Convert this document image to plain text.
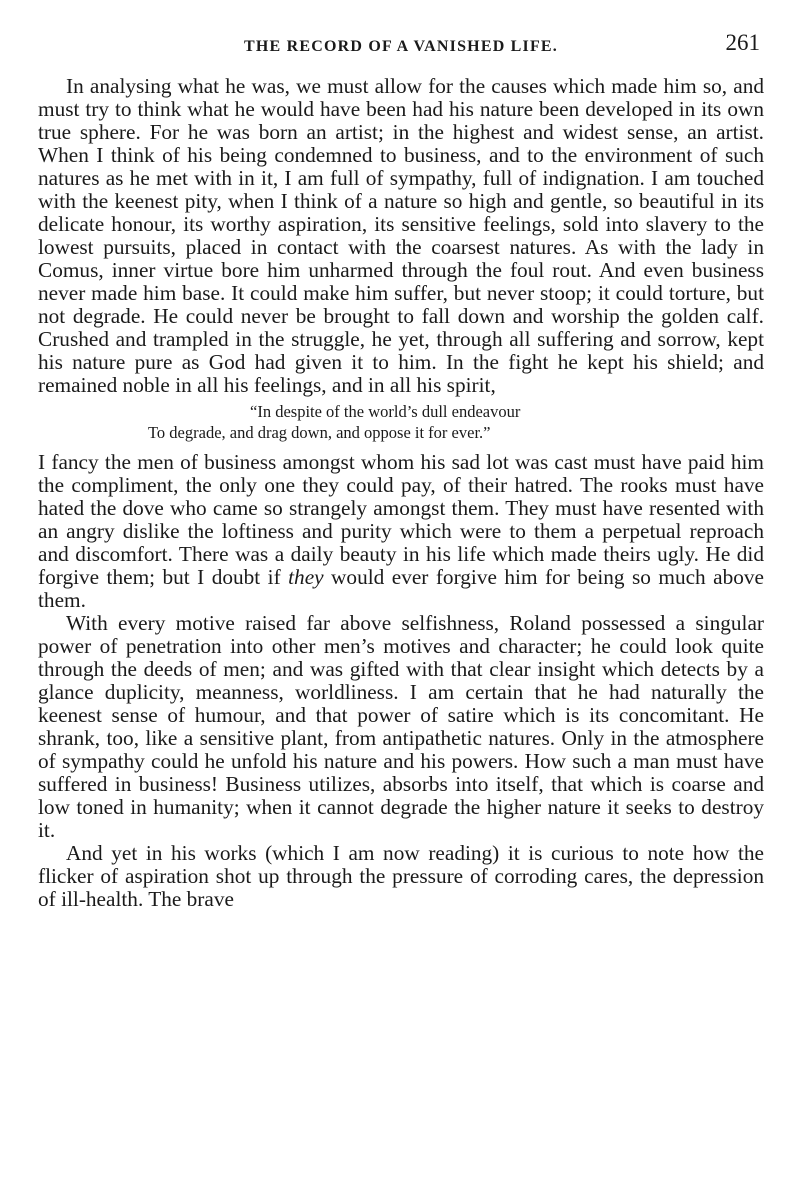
THE RECORD OF A VANISHED LIFE.	261

In analysing what he was, we must allow for the causes which made him so, and must try to think what he would have been had his nature been developed in its own true sphere. For he was born an artist; in the highest and widest sense, an artist. When I think of his being condemned to business, and to the environment of such natures as he met with in it, I am full of sympathy, full of indignation. I am touched with the keenest pity, when I think of a nature so high and gentle, so beautiful in its delicate honour, its worthy aspiration, its sensitive feelings, sold into slavery to the lowest pursuits, placed in contact with the coarsest natures. As with the lady in Comus, inner virtue bore him unharmed through the foul rout. And even business never made him base. It could make him suffer, but never stoop; it could torture, but not degrade. He could never be brought to fall down and worship the golden calf. Crushed and trampled in the struggle, he yet, through all suffering and sorrow, kept his nature pure as God had given it to him. In the fight he kept his shield; and remained noble in all his feelings, and in all his spirit,

“In despite of the world’s dull endeavour
To degrade, and drag down, and oppose it for ever.”

I fancy the men of business amongst whom his sad lot was cast must have paid him the compliment, the only one they could pay, of their hatred. The rooks must have hated the dove who came so strangely amongst them. They must have resented with an angry dislike the loftiness and purity which were to them a perpetual reproach and discomfort. There was a daily beauty in his life which made theirs ugly. He did forgive them; but I doubt if they would ever forgive him for being so much above them.

With every motive raised far above selfishness, Roland possessed a singular power of penetration into other men’s motives and character; he could look quite through the deeds of men; and was gifted with that clear insight which detects by a glance duplicity, meanness, worldliness. I am certain that he had naturally the keenest sense of humour, and that power of satire which is its concomitant. He shrank, too, like a sensitive plant, from antipathetic natures. Only in the atmosphere of sympathy could he unfold his nature and his powers. How such a man must have suffered in business! Business utilizes, absorbs into itself, that which is coarse and low toned in humanity; when it cannot degrade the higher nature it seeks to destroy it.

And yet in his works (which I am now reading) it is curious to note how the flicker of aspiration shot up through the pressure of corroding cares, the depression of ill-health. The brave
